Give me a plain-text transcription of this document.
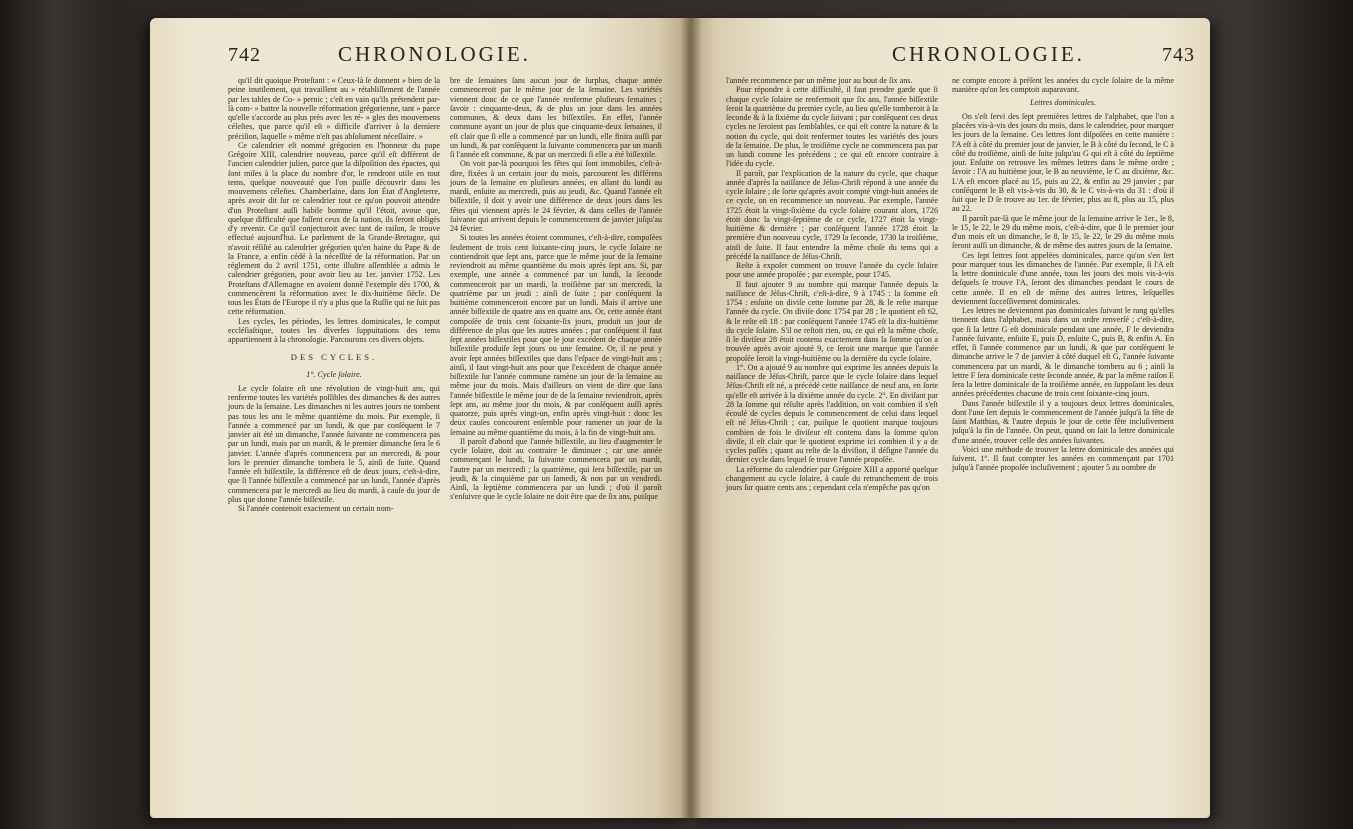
742	CHRONOLOGIE.

qu'il dit quoique Proteſtant : « Ceux-là ſe donnent » bien de la peine inutilement, qui travaillent au » rétabliſſement de l'année par les tables de Co- » pernic ; c'eſt en vain qu'ils prétendent par-là com- » battre la nouvelle réformation grégorienne, tant » parce qu'elle s'accorde au plus près avec les ré- » gles des mouvemens céleſtes, que parce qu'il eſt » difficile d'arriver à la derniere préciſion, laquelle » même n'eſt pas abſolument néceſſaire. »

Ce calendrier eſt nommé grégorien en l'honneur du pape Grégoire XIII, calendrier nouveau, parce qu'il eſt différent de l'ancien calendrier julien, parce que la diſpoſition des épactes, qui ſont miſes à la place du nombre d'or, le rendront utile en tout tems, quelque nouveauté que l'on puiſſe découvrir dans les mouvemens céleſtes. Chamberlaine, dans ſon État d'Angleterre, après avoir dit ſur ce calendrier tout ce qu'on pouvoit attendre d'un Proteſtant auſſi habile homme qu'il l'étoit, avoue que, quelque difficulté que faſſent ceux de ſa nation, ils ſeront obligés d'y revenir. Ce qu'il conjecturoit avec tant de raiſon, ſe trouve effectué aujourd'hui. Le parlement de la Grande-Bretagne, qui n'avoit réſiſté au calendrier grégorien qu'en haine du Pape & de la France, a enfin cédé à la néceſſité de la réformation. Par un réglement du 2 avril 1751, cette illuſtre aſſemblée a admis le calendrier grégorien, pour avoir lieu au 1er. janvier 1752. Les Proteſtans d'Allemagne en avoient donné l'exemple dès 1700, & commencèrent la réformation avec le dix-huitième ſiècle. De tous les États de l'Europe il n'y a plus que la Ruſſie qui ne ſuit pas cette réformation.

Les cycles, les périodes, les lettres dominicales, le comput eccléſiaſtique, toutes les diverſes ſuppuitations des tems appartiennent à la chronologie. Parcourons ces divers objets.

DES CYCLES.
1°. Cycle ſolaire.

Le cycle ſolaire eſt une révolution de vingt-huit ans, qui renferme toutes les variétés poſſibles des dimanches & des autres jours de la ſemaine. Les dimanches ni les autres jours ne tombent pas tous les ans le même quantième du mois. Par exemple, ſi l'année a commencé par un lundi, & que par conſéquent le 7 janvier ait été un dimanche, l'année ſuivante ne commencera pas par un lundi, mais par un mardi, & le premier dimanche ſera le 6 janvier. L'année d'après commencera par un mercredi, & pour lors le premier dimanche tombera le 5, ainſi de ſuite. Quand l'année eſt biſſextile, la différence eſt de deux jours, c'eſt-à-dire, que ſi l'année biſſextile a commencé par un lundi, l'année d'après commencera par le mercredi au lieu du mardi, à cauſe du jour de plus que donne l'année biſſextile.

Si l'année contenoit exactement un certain nom-

bre de ſemaines ſans aucun jour de ſurplus, chaque année commenceroit par le même jour de la ſemaine. Les variétés viennent donc de ce que l'année renferme pluſieurs ſemaines ; ſavoir : cinquante-deux, & de plus un jour dans les années communes, & deux dans les biſſextiles. En effet, l'année commune ayant un jour de plus que cinquante-deux ſemaines, il eſt clair que ſi elle a commencé par un lundi, elle finira auſſi par un lundi, & par conſéquent la ſuivante commencera par un mardi ſi l'année eſt commune, & par un mercredi ſi elle a été biſſextile.

On voit par-là pourquoi les fêtes qui ſont immobiles, c'eſt-à-dire, fixées à un certain jour du mois, parcourent les différens jours de la ſemaine en pluſieurs années, en allant du lundi au mardi, enſuite au mercredi, puis au jeudi, &c. Quand l'année eſt biſſextile, il doit y avoir une différence de deux jours dans les fêtes qui viennent après le 24 février, & dans celles de l'année ſuivante qui arrivent depuis le commencement de janvier juſqu'au 24 février.

Si toutes les années étoient communes, c'eſt-à-dire, compoſées ſeulement de trois cent ſoixante-cinq jours, le cycle ſolaire ne contiendroit que ſept ans, parce que le même jour de la ſemaine reviendroit au même quantième du mois après ſept ans. Si, par exemple, une année a commencé par un lundi, la ſeconde commenceroit par un mardi, la troiſième par un mercredi, la quatrième par un jeudi : ainſi de ſuite ; par conſéquent la huitième commenceroit encore par un lundi. Mais il arrive une année biſſextile de quatre ans en quatre ans. Or, cette année étant compoſée de trois cent ſoixante-ſix jours, produit un jour de différence de plus que les autres années ; par conſéquent il faut ſept années biſſextiles pour que le jour excédent de chaque année biſſextile produiſe ſept jours ou une ſemaine. Or, il ne peut y avoir ſept années biſſextiles que dans l'eſpace de vingt-huit ans ; ainſi, il faut vingt-huit ans pour que l'excédent de chaque année biſſextile ſur l'année commune ramène un jour de la ſemaine au même jour du mois. Mais d'ailleurs on vient de dire que ſans l'année biſſextile le même jour de de la ſemaine reviendroit, après ſept ans, au même jour du mois, & par conſéquent auſſi après quatorze, puis après vingt-un, enfin après vingt-huit : donc les deux cauſes concourent enſemble pour ramener un jour de la ſemaine au même quantième du mois, à la fin de vingt-huit ans.

Il paroît d'abord que l'année biſſextile, au lieu d'augmenter le cycle ſolaire, doit au contraire le diminuer ; car une année commençant le lundi, la ſuivante commencera par un mardi, l'autre par un mercredi ; la quatrième, qui ſera biſſextile, par un jeudi, & la cinquième par un ſamedi, & non par un vendredi. Ainſi, la ſeptième commencera par un lundi ; d'où il paroît s'enſuivre que le cycle ſolaire ne doit être que de ſix ans, puiſque

CHRONOLOGIE.	743

l'année recommence par un même jour au bout de ſix ans.

Pour répondre à cette difficulté, il faut prendre garde que ſi chaque cycle ſolaire ne renfermoit que ſix ans, l'année biſſextile ſeroit la quatrième du premier cycle, au lieu qu'elle tomberoit à la ſeconde & à la ſixième du cycle ſuivant ; par conſéquent ces deux cycles ne ſeroient pas ſemblables, ce qui eſt contre la nature & la notion du cycle, qui doit renfermer toutes les variétés des jours de la ſemaine. De plus, le troiſième cycle ne commencera pas par un lundi comme les précédens ; ce qui eſt encore contraire à l'idée du cycle.

Il paroît, par l'explication de la nature du cycle, que chaque année d'après la naiſſance de Jéſus-Chriſt répond à une année du cycle ſolaire ; de ſorte qu'après avoir compté vingt-huit années de ce cycle, on en recommence un nouveau. Par exemple, l'année 1725 étoit la vingt-ſixième du cycle ſolaire courant alors, 1726 étoit donc la vingt-ſeptième de ce cycle, 1727 étoit la vingt-huitième & dernière ; par conſéquent l'année 1728 étoit la première d'un nouveau cycle, 1729 la ſeconde, 1730 la troiſième, ainſi de ſuite. Il faut entendre la même choſe du tems qui a précédé la naiſſance de Jéſus-Chriſt.

Reſte à expoſer comment on trouve l'année du cycle ſolaire pour une année propoſée ; par exemple, pour 1745.

Il faut ajouter 9 au nombre qui marque l'année depuis la naiſſance de Jéſus-Chriſt, c'eſt-à-dire, 9 à 1745 : la ſomme eſt 1754 : enſuite on diviſe cette ſomme par 28, & le reſte marque l'année du cycle. On diviſe donc 1754 par 28 ; le quotient eſt 62, & le reſte eſt 18 : par conſéquent l'année 1745 eſt la dix-huitième du cycle ſolaire. S'il ne reſtoit rien, ou, ce qui eſt la même choſe, ſi le diviſeur 28 étoit contenu exactement dans la ſomme qu'on a trouvée après avoir ajouté 9, ce ſeroit une marque que l'année propoſée ſeroit la vingt-huitième ou la dernière du cycle ſolaire.

1°. On a ajouté 9 au nombre qui exprime les années depuis la naiſſance de Jéſus-Chriſt, parce que le cycle ſolaire dans lequel Jéſus-Chriſt eſt né, a précédé cette naiſſance de neuf ans, en ſorte qu'elle eſt arrivée à la dixième année du cycle. 2°. En diviſant par 28 la ſomme qui réſulte après l'addition, on voit combien il s'eſt écoulé de cycles depuis le commencement de celui dans lequel eſt né Jéſus-Chriſt ; car, puiſque le quotient marque toujours combien de fois le diviſeur eſt contenu dans la ſomme qu'on diviſe, il eſt clair que le quotient exprime ici combien il y a de cycles paſſés ; quant au reſte de la diviſion, il déſigne l'année du dernier cycle dans lequel ſe trouve l'année propoſée.

La réforme du calendrier par Grégoire XIII a apporté quelque changement au cycle ſolaire, à cauſe du retranchement de trois jours ſur quatre cents ans ; cependant cela n'empêche pas qu'on

ne compte encore à préſent les années du cycle ſolaire de la même manière qu'on les comptoit auparavant.

Lettres dominicales.

On s'eſt ſervi des ſept premières lettres de l'alphabet, que l'on a placées vis-à-vis des jours du mois, dans le calendrier, pour marquer les jours de la ſemaine. Ces lettres ſont diſpoſées en cette manière : l'A eſt à côté du premier jour de janvier, le B à côté du ſecond, le C à côté du troiſième, ainſi de ſuite juſqu'au G qui eſt à côté du ſeptième jour. Enſuite on retrouve les mêmes lettres dans le même ordre ; ſavoir : l'A au huitième jour, le B au neuvième, le C au dixième, &c. L'A eſt encore placé au 15, puis au 22, & enfin au 29 janvier ; par conſéquent le B eſt vis-à-vis du 30, & le C vis-à-vis du 31 : d'où il ſuit que le D ſe trouve au 1er. de février, plus au 8, plus au 15, plus au 22.

Il paroît par-là que le même jour de la ſemaine arrive le 1er., le 8, le 15, le 22, le 29 du même mois, c'eſt-à-dire, que ſi le premier jour d'un mois eſt un dimanche, le 8, le 15, le 22, le 29 du même mois ſeront auſſi un dimanche, & de même des autres jours de la ſemaine.

Ces ſept lettres ſont appelées dominicales, parce qu'on s'en ſert pour marquer tous les dimanches de l'année. Par exemple, ſi l'A eſt la lettre dominicale d'une année, tous les jours des mois vis-à-vis deſquels ſe trouve l'A, ſeront des dimanches pendant le cours de cette année. Il en eſt de même des autres lettres, leſquelles deviennent ſucceſſivement dominicales.

Les lettres ne deviennent pas dominicales ſuivant le rang qu'elles tiennent dans l'alphabet, mais dans un ordre renverſé ; c'eſt-à-dire, que ſi la lettre G eſt dominicale pendant une année, F le deviendra l'année ſuivante, enſuite E, puis D, enſuite C, puis B, & enfin A. En effet, ſi l'année commence par un lundi, & que par conſéquent le dimanche arrive le 7 de janvier à côté duquel eſt G, l'année ſuivante commencera par un mardi, & le dimanche tombera au 6 ; ainſi la lettre F ſera dominicale cette ſeconde année, & par la même raiſon E ſera la lettre dominicale de la troiſième année, en ſuppoſant les deux années précédentes chacune de trois cent ſoixante-cinq jours.

Dans l'année biſſextile il y a toujours deux lettres dominicales, dont l'une ſert depuis le commencement de l'année juſqu'à la fête de ſaint Matthias, & l'autre depuis le jour de cette fête incluſivement juſqu'à la fin de l'année. On peut, quand on ſait la lettre dominicale d'une année, trouver celle des années ſuivantes.

Voici une méthode de trouver la lettre dominicale des années qui ſuivent. 1°. Il faut compter les années en commençant par 1701 juſqu'à l'année propoſée incluſivement ; ajouter 5 au nombre de
